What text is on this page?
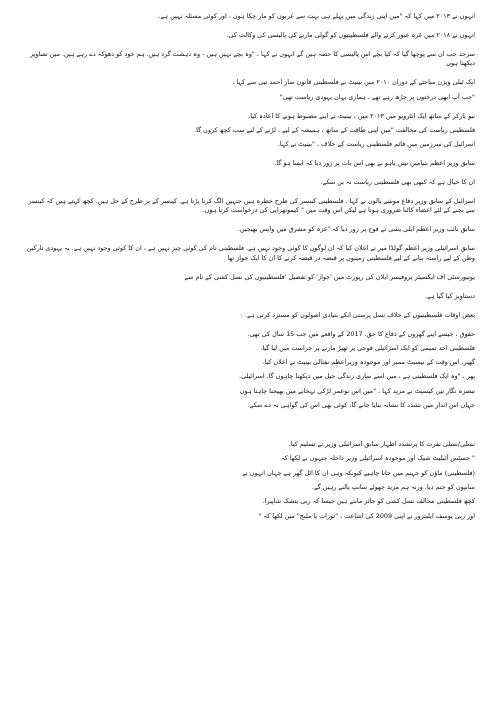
انہوں نے ۲۰۱۳ میں کہا کہ "میں اپنی زندگی میں پہلے ہی بہت سے عربوں کو مار چکا ہوں ، اور کوئی مسئلہ نہیں ہے۔

انہوں نے ۲۰۱۸ میں غزہ عبور کرنے والے فلسطینیوں کو گولی مارنے کی پالیسی کی وکالت کی.

سرحد جب ان سے پوچھا گیا کہ کیا بچے اس پالیسی کا حصہ ہیں گے انہوں نے کہا ، "وہ بچے نہیں ہیں - وہ دہشت گرد ہیں. ہم خود کو دھوکہ دے رہے ہیں. میں تصاویر دیکھتا ہوں

ایک ٹیلی ویژن مباحثے کے دوران ۲۰۱۰ میں بینیٹ نے فلسطینی قانون ساز احمد تبی سے کہا ،

"جب آپ ابھی درختوں پر چڑھ رہے تھے ، ہماری یہاں یہودی ریاست تھی"

نیو یارکر کے ساتھ ایک انٹرویو میں ۲۰۱۳ میں ، بینیٹ نے اپنے مضبوط ہونے کا اعادہ کیا.

فلسطینی ریاست کی مخالفت "میں اپنی طاقت کے ساتھ ، ہمیشہ کے لیے ، لڑنے کے لیے سب کچھ کروں گا.

اسرائیل کی سرزمین میں قائم فلسطینی ریاست کے خلاف ، "بینیٹ نے کہا.

سابق وزیر اعظم بنیامین نیتن یاہو نے بھی اس بات پر زور دیا کہ ایسا ہو گا.

ان کا خیال ہے کہ کبھی بھی فلسطینی ریاست نہ بن سکے.

اسرائیل کے سابق وزیر دفاع موشے یالون نے کہا ، فلسطینی کینسر کی طرح خطرہ ہیں جنہیں الگ کرنا پڑتا ہے. کینسر کے بر طرح کے حل ہیں. کچھ کہتے ہیں کہ کینسر سے بچنے کے لئے اعضاء کاٹنا ضروری ہوتا ہے لیکن اس وقت میں " کیموتھراپی کی درخواست کرتا ہوں.

سابق نائب وزیر اعظم ایلی یشی نے فوج پر زور دیا کہ "غزہ کو مشرق میں واپس بھیجیں.

سابق اسرائیلی وزیر اعظم گولڈا میر نے اعلان کیا کہ ان لوگوں کا کوئی وجود نہیں ہے. فلسطینی نام کی کوئی چیز نہیں ہے ، ان کا کوئی وجود نہیں ہے. یہ یہودی تارکین وطن کے لیے راستہ بنانے کے لیے فلسطینی زمینوں پر قبضہ در قبضہ کرنے کا ان کا ایک جواز تھا

یونیورسٹی اف ایکسیٹر پروفیسر ایلان کی رپورٹ میں 'جواز' کو تفصیل 'فلسطینیوں کی نسل کشی کے نام سے

دستاویز کیا گیا ہے.

بعض اوقات فلسطینیوں کے خلاف نسل پرستی انکے بنیادی اصولوں کو مسترد کرتی ہے. ۰

حقوق ، جیسے اپنے گھروں کے دفاع کا حق. 2017 کے واقعے میں جب 15 سال کی تھی.

فلسطینی احد تمیمی کو ایک اسرائیلی فوجی پر تھپڑ مارنے پر حراست میں لیا گیا.

گھیر. اس وقت کے نیسیٹ ممبر اور موجودہ وزیراعظم نفتالی بینیٹ نے اعلان کیا.

پھر ، "وہ ایک فلسطینی ہے ، میں اسے ساری زندگی جیل میں دیکھنا چاہوں گا. اسرائیلی.

تبصرہ نگار بین کیسپٹ نے مزید کہا ، "میں اس نوعمر لڑکی تہخانے میں بھیجنا چاہتا ہوں

جہاں اس انداز میں تشدد کا نشانہ بنایا جانے گا، کوئی بھی اس کی گواہی نہ دے سکے.

نسلی/نسلی نفرت کا پرتشدد اظہار سابق اسرائیلی وزیر نے تسلیم کیا.

" جسٹس آئیلیٹ شیک اور موجودہ اسرائیلی وزیر داخلہ جنہوں نے لکھا کہ

(فلسطینی) ماؤں کو جہنم میں جانا چاہیے کیونکہ وہی ان کا اٹل گھر ہے جہاں انہوں نے

سانپوں کو جنم دیا. ورنہ ہم مزید چھوٹے سانپ پالنے رہیں گے.

کچھ فلسطینی مخالف نسل کشی کو جائز مانتے ہیں جیسا کہ ربی یتشک شاپیرا.

اور ربی یوسف ایلیتزور نے اپنی 2009 کی اشاعت ، "تورات یا ملیج" میں لکھا کہ "
